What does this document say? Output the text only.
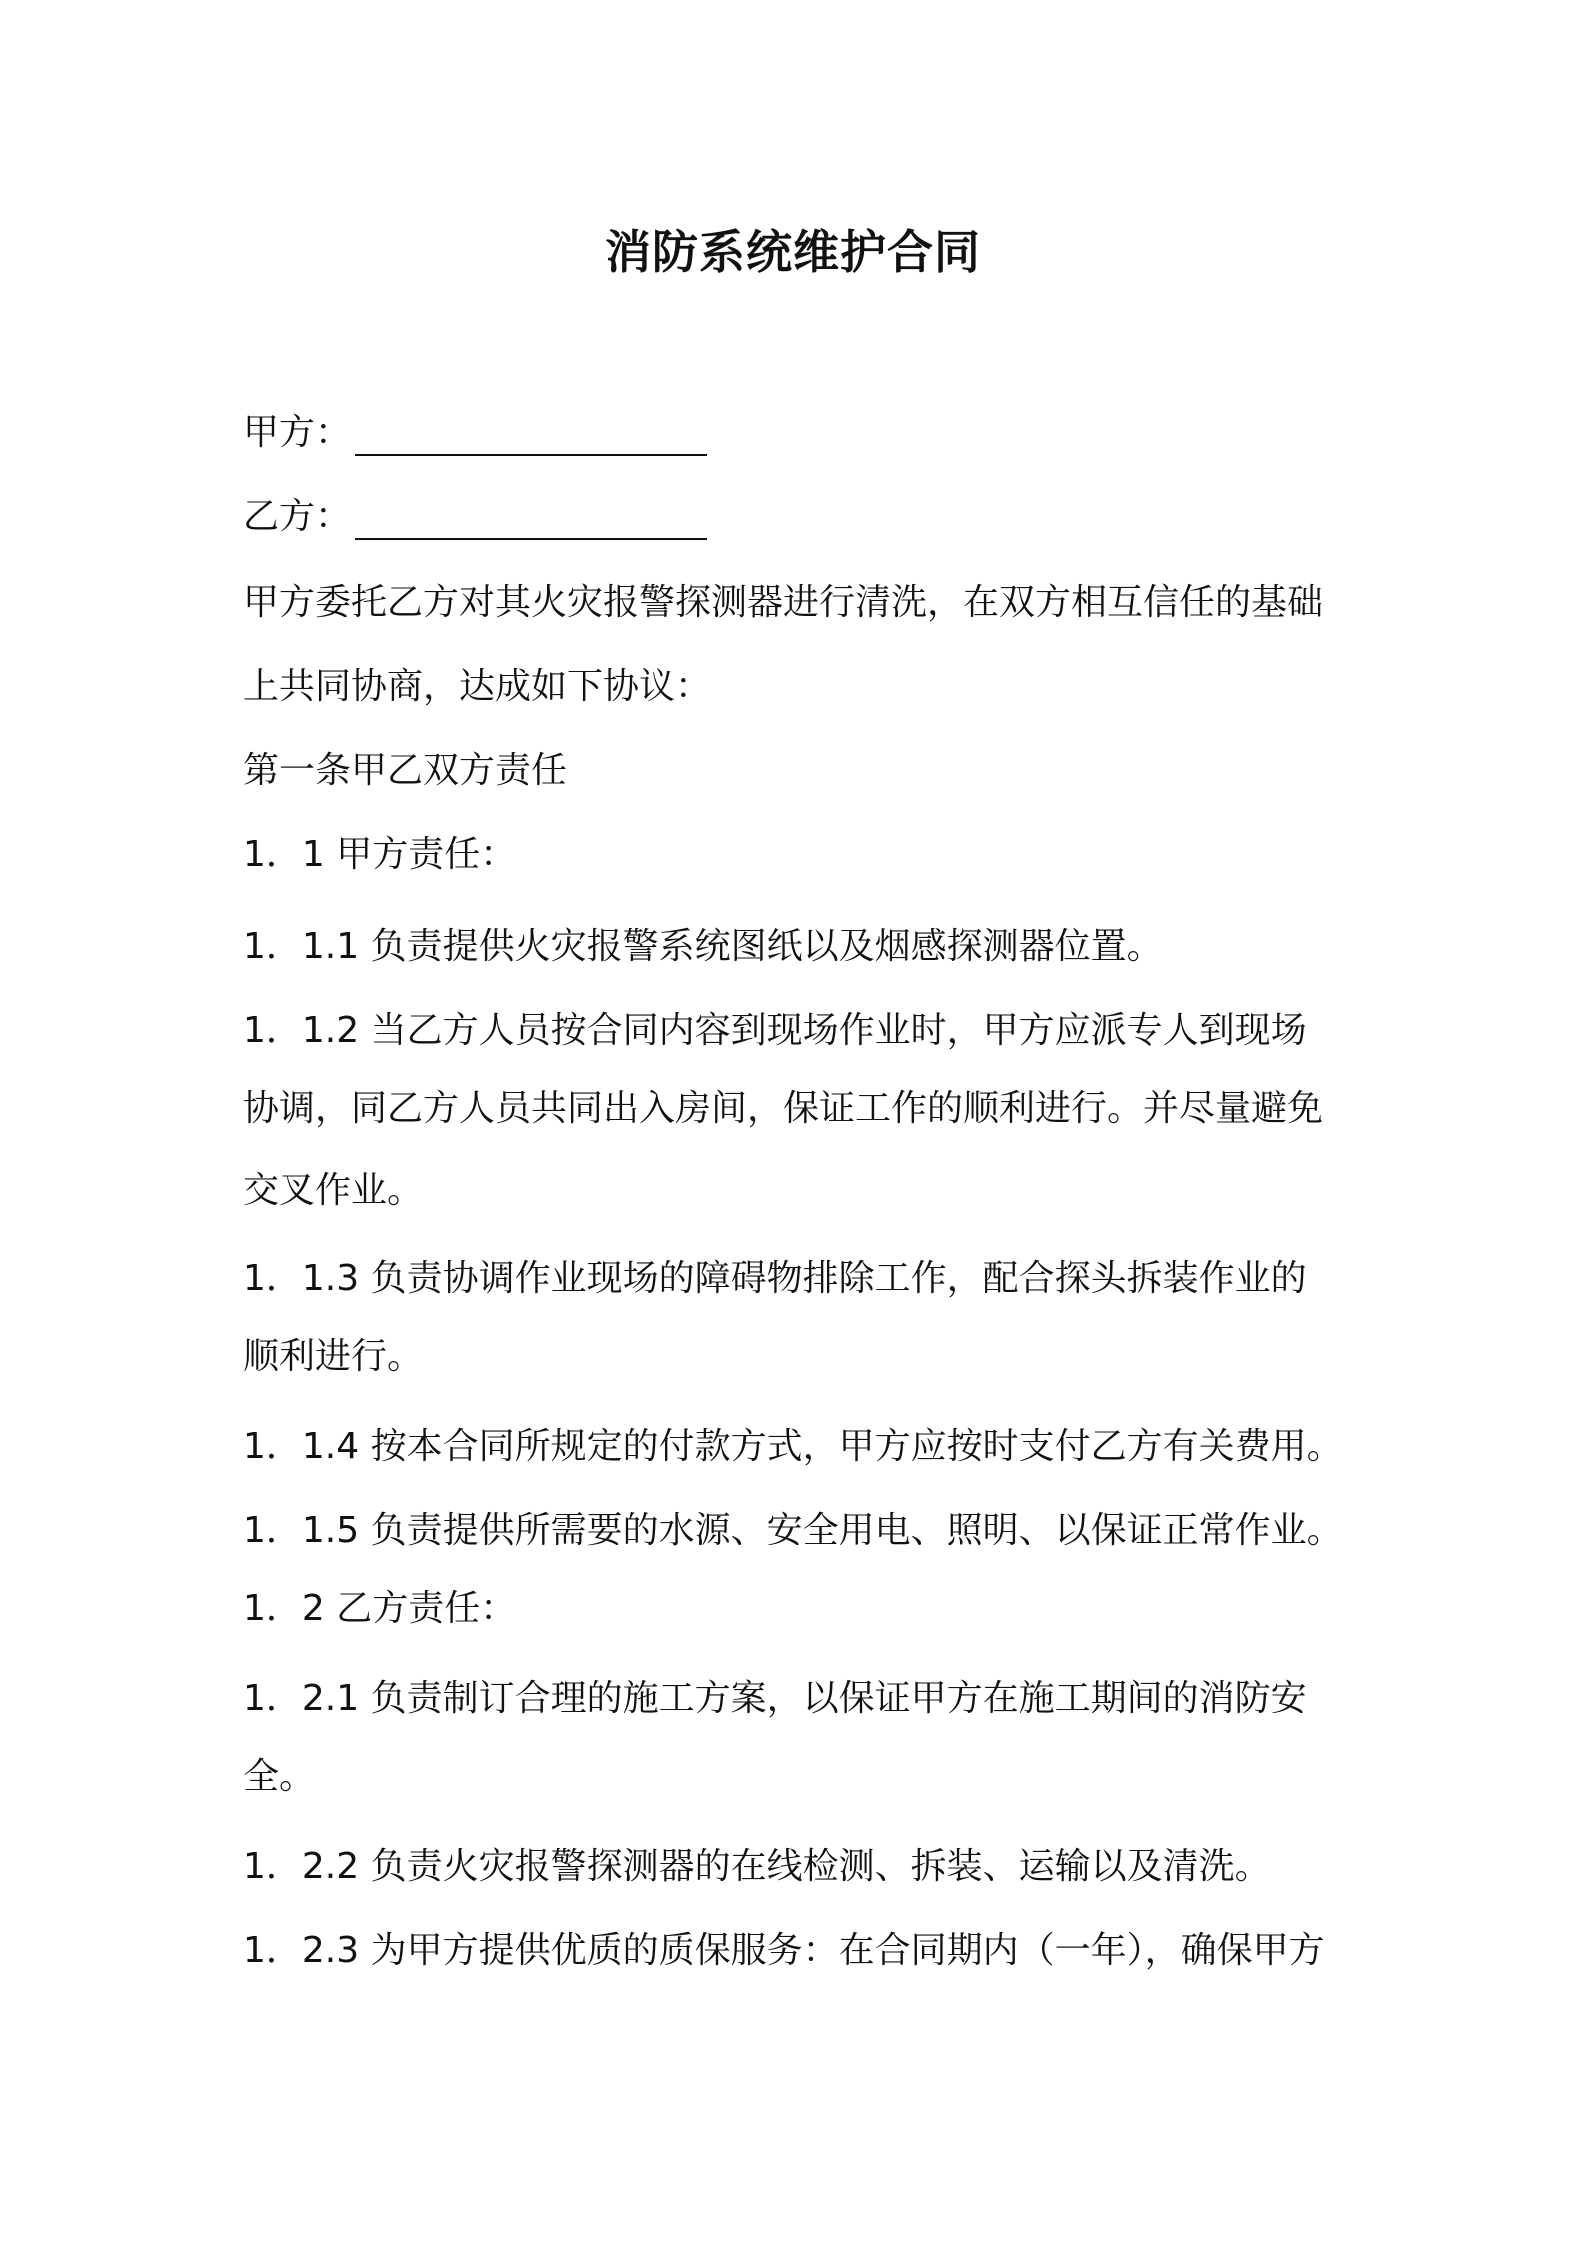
消防系统维护合同
甲方：
乙方：

甲方委托乙方对其火灾报警探测器进行清洗，在双方相互信任的基础

上共同协商，达成如下协议：

第一条甲乙双方责任

1．1 甲方责任：

1．1.1 负责提供火灾报警系统图纸以及烟感探测器位置。

1．1.2 当乙方人员按合同内容到现场作业时，甲方应派专人到现场

协调，同乙方人员共同出入房间，保证工作的顺利进行。并尽量避免

交叉作业。

1．1.3 负责协调作业现场的障碍物排除工作，配合探头拆装作业的

顺利进行。

1．1.4 按本合同所规定的付款方式，甲方应按时支付乙方有关费用。

1．1.5 负责提供所需要的水源、安全用电、照明、以保证正常作业。

1．2 乙方责任：

1．2.1 负责制订合理的施工方案，以保证甲方在施工期间的消防安

全。

1．2.2 负责火灾报警探测器的在线检测、拆装、运输以及清洗。

1．2.3 为甲方提供优质的质保服务：在合同期内（一年），确保甲方
